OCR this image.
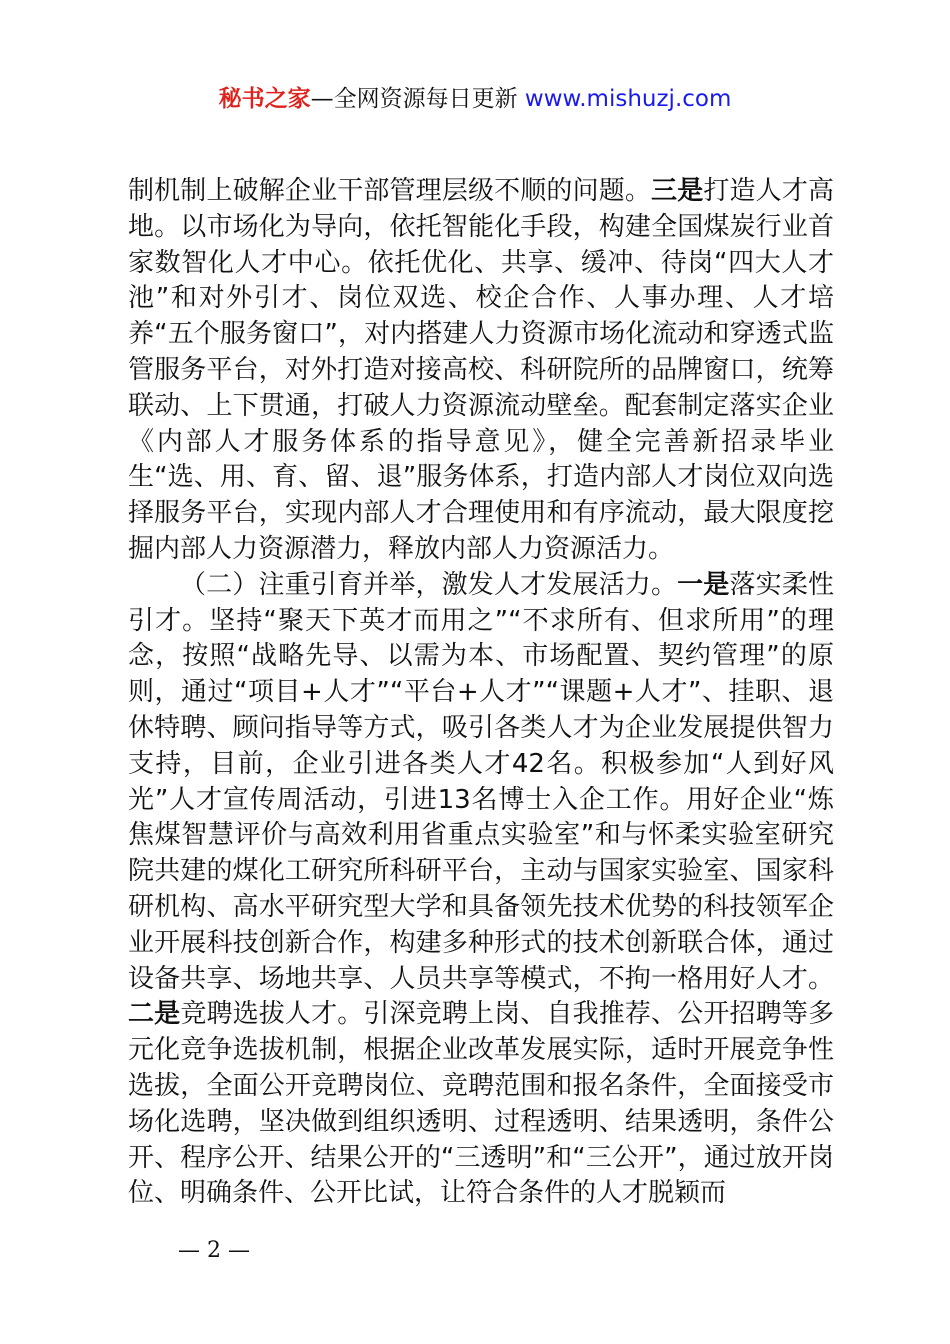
秘书之家—全网资源每日更新 www.mishuzj.com

制机制上破解企业干部管理层级不顺的问题。三是打造人才高地。以市场化为导向，依托智能化手段，构建全国煤炭行业首家数智化人才中心。依托优化、共享、缓冲、待岗“四大人才池”和对外引才、岗位双选、校企合作、人事办理、人才培养“五个服务窗口”，对内搭建人力资源市场化流动和穿透式监管服务平台，对外打造对接高校、科研院所的品牌窗口，统筹联动、上下贯通，打破人力资源流动壁垒。配套制定落实企业《内部人才服务体系的指导意见》，健全完善新招录毕业生“选、用、育、留、退”服务体系，打造内部人才岗位双向选择服务平台，实现内部人才合理使用和有序流动，最大限度挖掘内部人力资源潜力，释放内部人力资源活力。

（二）注重引育并举，激发人才发展活力。一是落实柔性引才。坚持“聚天下英才而用之”“不求所有、但求所用”的理念，按照“战略先导、以需为本、市场配置、契约管理”的原则，通过“项目+人才”“平台+人才”“课题+人才”、挂职、退休特聘、顾问指导等方式，吸引各类人才为企业发展提供智力支持，目前，企业引进各类人才42名。积极参加“人到好风光”人才宣传周活动，引进13名博士入企工作。用好企业“炼焦煤智慧评价与高效利用省重点实验室”和与怀柔实验室研究院共建的煤化工研究所科研平台，主动与国家实验室、国家科研机构、高水平研究型大学和具备领先技术优势的科技领军企业开展科技创新合作，构建多种形式的技术创新联合体，通过设备共享、场地共享、人员共享等模式，不拘一格用好人才。二是竞聘选拔人才。引深竞聘上岗、自我推荐、公开招聘等多元化竞争选拔机制，根据企业改革发展实际，适时开展竞争性选拔，全面公开竞聘岗位、竞聘范围和报名条件，全面接受市场化选聘，坚决做到组织透明、过程透明、结果透明，条件公开、程序公开、结果公开的“三透明”和“三公开”，通过放开岗位、明确条件、公开比试，让符合条件的人才脱颖而

— 2 —
